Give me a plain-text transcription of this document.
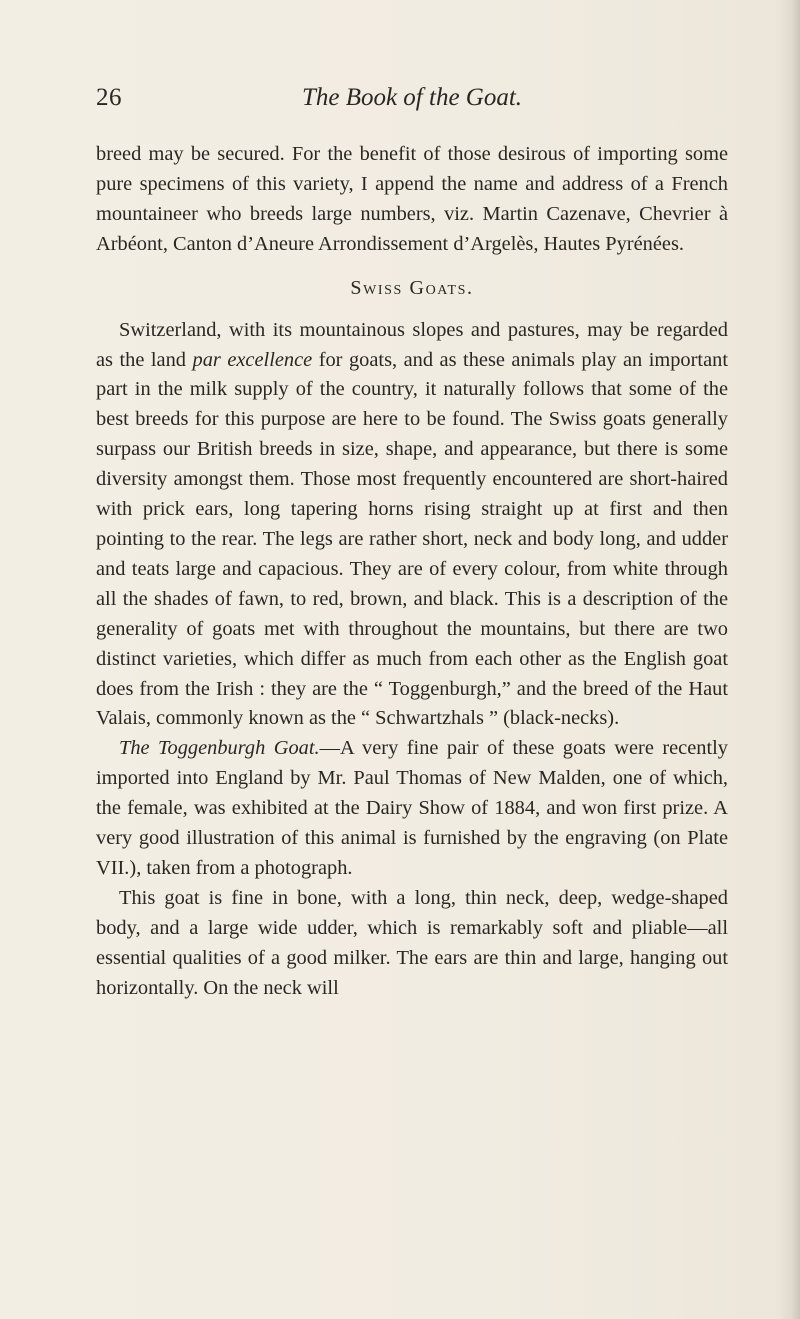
26	The Book of the Goat.

breed may be secured. For the benefit of those desirous of importing some pure specimens of this variety, I append the name and address of a French mountaineer who breeds large numbers, viz. Martin Cazenave, Chevrier à Arbéont, Canton d’Aneure Arrondissement d’Argelès, Hautes Pyrénées.

Swiss Goats.

Switzerland, with its mountainous slopes and pastures, may be regarded as the land par excellence for goats, and as these animals play an important part in the milk supply of the country, it naturally follows that some of the best breeds for this purpose are here to be found. The Swiss goats generally surpass our British breeds in size, shape, and appearance, but there is some diversity amongst them. Those most frequently encountered are short-haired with prick ears, long tapering horns rising straight up at first and then pointing to the rear. The legs are rather short, neck and body long, and udder and teats large and capacious. They are of every colour, from white through all the shades of fawn, to red, brown, and black. This is a description of the generality of goats met with throughout the mountains, but there are two distinct varieties, which differ as much from each other as the English goat does from the Irish : they are the “ Toggenburgh,” and the breed of the Haut Valais, commonly known as the “ Schwartzhals ” (black-necks).

The Toggenburgh Goat.—A very fine pair of these goats were recently imported into England by Mr. Paul Thomas of New Malden, one of which, the female, was exhibited at the Dairy Show of 1884, and won first prize. A very good illustration of this animal is furnished by the engraving (on Plate VII.), taken from a photograph.

This goat is fine in bone, with a long, thin neck, deep, wedge-shaped body, and a large wide udder, which is remarkably soft and pliable—all essential qualities of a good milker. The ears are thin and large, hanging out horizontally. On the neck will
